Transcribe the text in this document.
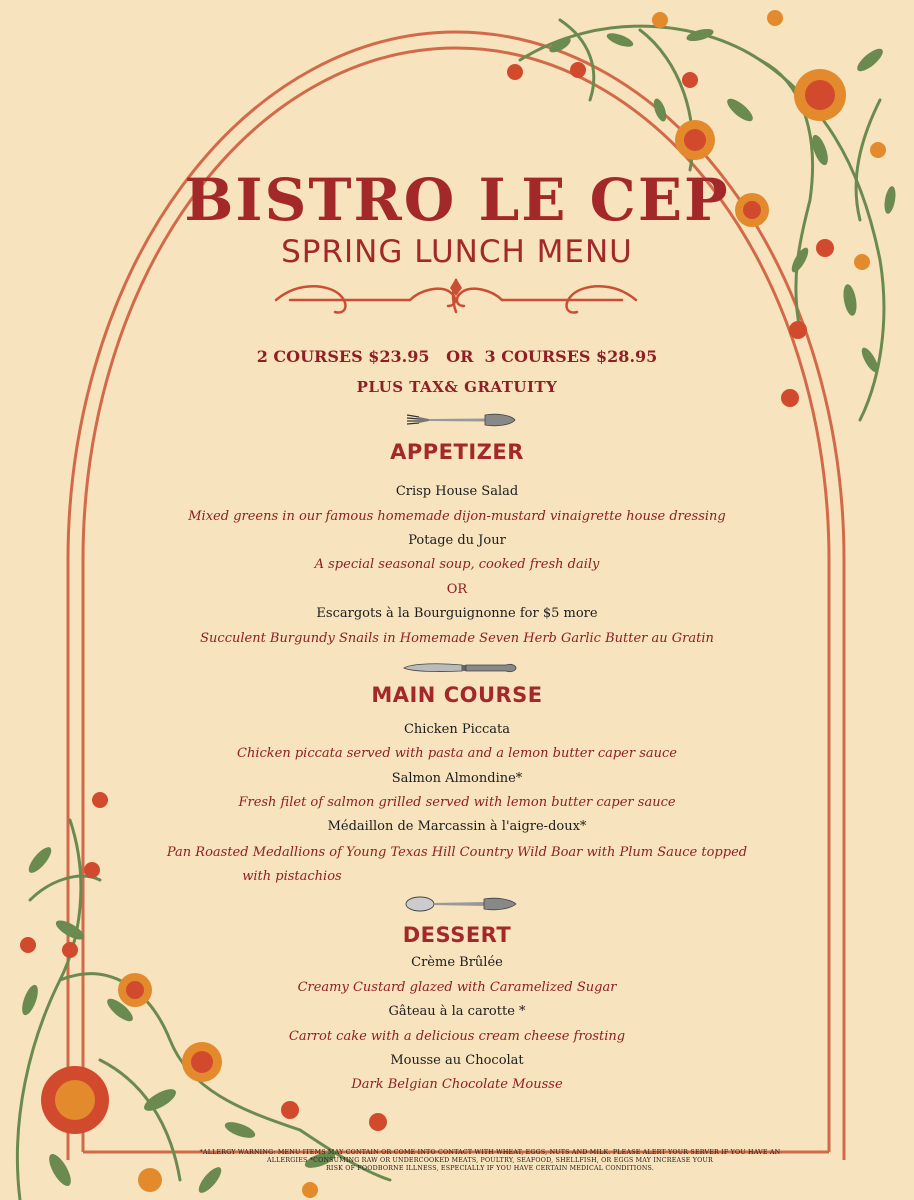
BISTRO LE CEP
SPRING LUNCH MENU
2 COURSES $23.95   OR  3 COURSES $28.95
PLUS TAX& GRATUITY
APPETIZER
Crisp House Salad
Mixed greens in our famous homemade dijon-mustard vinaigrette house dressing
Potage du Jour
A special seasonal soup, cooked fresh daily
OR
Escargots à la Bourguignonne for $5 more
Succulent Burgundy Snails in Homemade Seven Herb Garlic Butter au Gratin
MAIN COURSE
Chicken Piccata
Chicken piccata served with pasta and a lemon butter caper sauce
Salmon Almondine*
Fresh filet of salmon grilled served with lemon butter caper sauce
Médaillon de Marcassin à l'aigre-doux*
Pan Roasted Medallions of Young Texas Hill Country Wild Boar with Plum Sauce topped
with pistachios
DESSERT
Crème Brûlée
Creamy Custard glazed with Caramelized Sugar
Gâteau à la carotte *
Carrot cake with a delicious cream cheese frosting
Mousse au Chocolat
Dark Belgian Chocolate Mousse
*ALLERGY WARNING: MENU ITEMS MAY CONTAIN OR COME INTO CONTACT WITH WHEAT, EGGS, NUTS AND MILK. PLEASE ALERT YOUR SERVER IF YOU HAVE AN
ALLERGIES *CONSUMING RAW OR UNDERCOOKED MEATS, POULTRY, SEAFOOD, SHELLFISH, OR EGGS MAY INCREASE YOUR
RISK OF FOODBORNE ILLNESS, ESPECIALLY IF YOU HAVE CERTAIN MEDICAL CONDITIONS.
